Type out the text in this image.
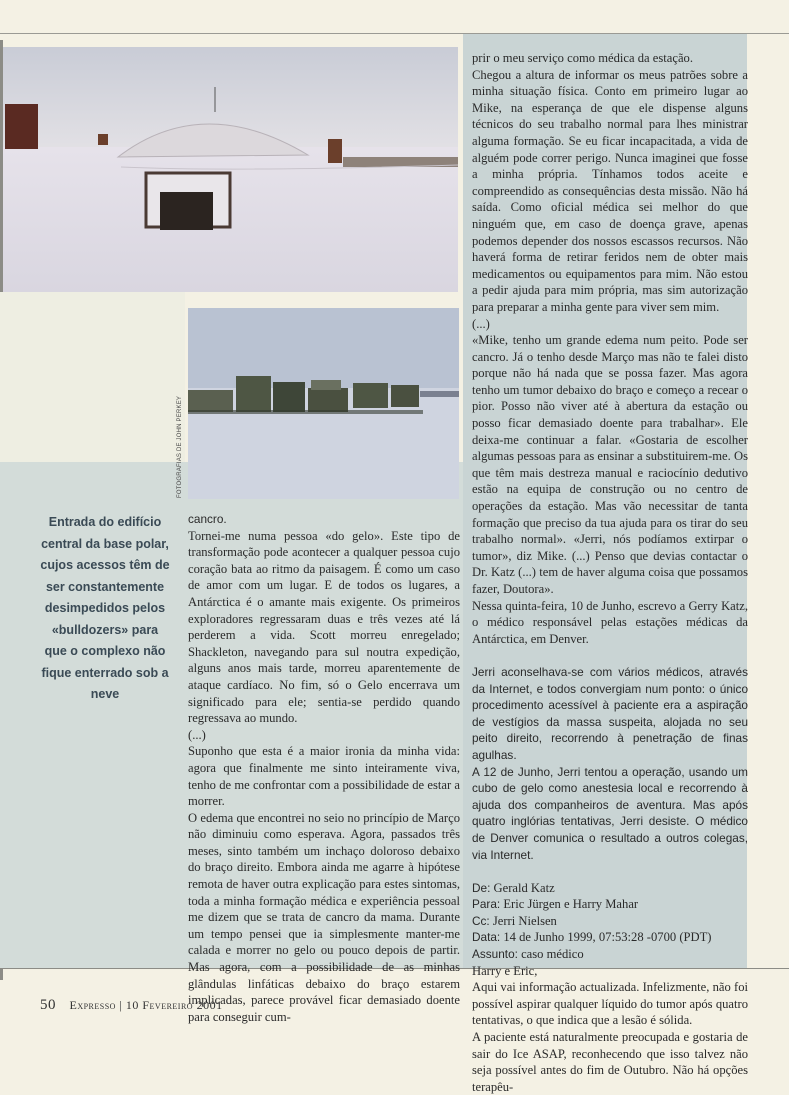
FOTOGRAFIAS DE JOHN PERKEY
Entrada do edifício central da base polar, cujos acessos têm de ser constantemente desimpedidos pelos «bulldozers» para que o complexo não fique enterrado sob a neve

cancro.

Tornei-me numa pessoa «do gelo». Este tipo de transformação pode acontecer a qualquer pessoa cujo coração bata ao ritmo da paisagem. É como um caso de amor com um lugar. E de todos os lugares, a Antárctica é o amante mais exigente. Os primeiros exploradores regressaram duas e três vezes até lá perderem a vida. Scott morreu enregelado; Shackleton, navegando para sul noutra expedição, alguns anos mais tarde, morreu aparentemente de ataque cardíaco. No fim, só o Gelo encerrava um significado para ele; sentia-se perdido quando regressava ao mundo.

(...)

Suponho que esta é a maior ironia da minha vida: agora que finalmente me sinto inteiramente viva, tenho de me confrontar com a possibilidade de estar a morrer.

O edema que encontrei no seio no princípio de Março não diminuiu como esperava. Agora, passados três meses, sinto também um inchaço doloroso debaixo do braço direito. Embora ainda me agarre à hipótese remota de haver outra explicação para estes sintomas, toda a minha formação médica e experiência pessoal me dizem que se trata de cancro da mama. Durante um tempo pensei que ia simplesmente manter-me calada e morrer no gelo ou pouco depois de partir. Mas agora, com a possibilidade de as minhas glândulas linfáticas debaixo do braço estarem implicadas, parece provável ficar demasiado doente para conseguir cum-

prir o meu serviço como médica da estação.

Chegou a altura de informar os meus patrões sobre a minha situação física. Conto em primeiro lugar ao Mike, na esperança de que ele dispense alguns técnicos do seu trabalho normal para lhes ministrar alguma formação. Se eu ficar incapacitada, a vida de alguém pode correr perigo. Nunca imaginei que fosse a minha própria. Tínhamos todos aceite e compreendido as consequências desta missão. Não há saída. Como oficial médica sei melhor do que ninguém que, em caso de doença grave, apenas podemos depender dos nossos escassos recursos. Não haverá forma de retirar feridos nem de obter mais medicamentos ou equipamentos para mim. Não estou a pedir ajuda para mim própria, mas sim autorização para preparar a minha gente para viver sem mim.

(...)

«Mike, tenho um grande edema num peito. Pode ser cancro. Já o tenho desde Março mas não te falei disto porque não há nada que se possa fazer. Mas agora tenho um tumor debaixo do braço e começo a recear o pior. Posso não viver até à abertura da estação ou posso ficar demasiado doente para trabalhar». Ele deixa-me continuar a falar. «Gostaria de escolher algumas pessoas para as ensinar a substituirem-me. Os que têm mais destreza manual e raciocínio dedutivo estão na equipa de construção ou no centro de operações da estação. Mas vão necessitar de tanta formação que preciso da tua ajuda para os tirar do seu trabalho normal». «Jerri, nós podíamos extirpar o tumor», diz Mike. (...) Penso que devias contactar o Dr. Katz (...) tem de haver alguma coisa que possamos fazer, Doutora».

Nessa quinta-feira, 10 de Junho, escrevo a Gerry Katz, o médico responsável pelas estações médicas da Antárctica, em Denver.

Jerri aconselhava-se com vários médicos, através da Internet, e todos convergiam num ponto: o único procedimento acessível à paciente era a aspiração de vestígios da massa suspeita, alojada no seu peito direito, recorrendo à penetração de finas agulhas.

A 12 de Junho, Jerri tentou a operação, usando um cubo de gelo como anestesia local e recorrendo à ajuda dos companheiros de aventura. Mas após quatro inglórias tentativas, Jerri desiste. O médico de Denver comunica o resultado a outros colegas, via Internet.

De: Gerald Katz

Para: Eric Jürgen e Harry Mahar

Cc: Jerri Nielsen

Data: 14 de Junho 1999, 07:53:28 -0700 (PDT)

Assunto: caso médico

Harry e Eric,

Aqui vai informação actualizada. Infelizmente, não foi possível aspirar qualquer líquido do tumor após quatro tentativas, o que indica que a lesão é sólida.

A paciente está naturalmente preocupada e gostaria de sair do Ice ASAP, reconhecendo que isso talvez não seja possível antes do fim de Outubro. Não há opções terapêu-

50 Expresso | 10 Fevereiro 2001
